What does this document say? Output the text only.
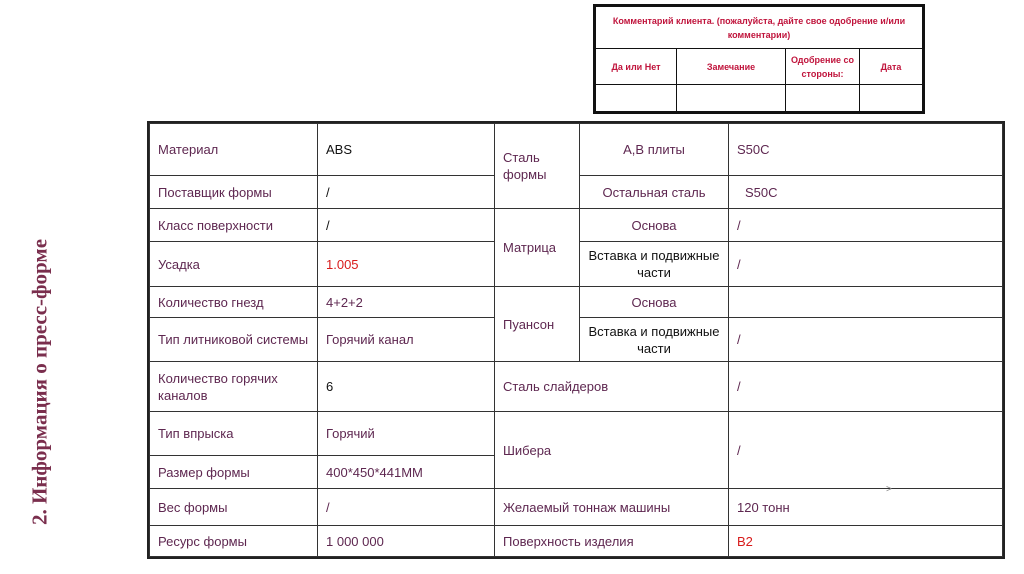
2. Информация о пресс-форме
Комментарий клиента. (пожалуйста, дайте свое одобрение и/или комментарии)			
Да или Нет	Замечание	Одобрение со стороны:	Дата

Материал	ABS	Сталь формы	А,В плиты	S50C
Поставщик формы	/		Остальная сталь	S50C
Класс поверхности	/	Матрица	Основа	/
Усадка	1.005		Вставка и подвижные части	/
Количество гнезд	4+2+2	Пуансон	Основа	
Тип литниковой системы	Горячий канал		Вставка и подвижные части	/
Количество горячих каналов	6	Сталь слайдеров		/
Тип впрыска	Горячий	Шибера		/
Размер формы	400*450*441ММ			
Вес формы	/	Желаемый тоннаж машины		120 тонн
Ресурс формы	1 000 000	Поверхность изделия		B2
˃
